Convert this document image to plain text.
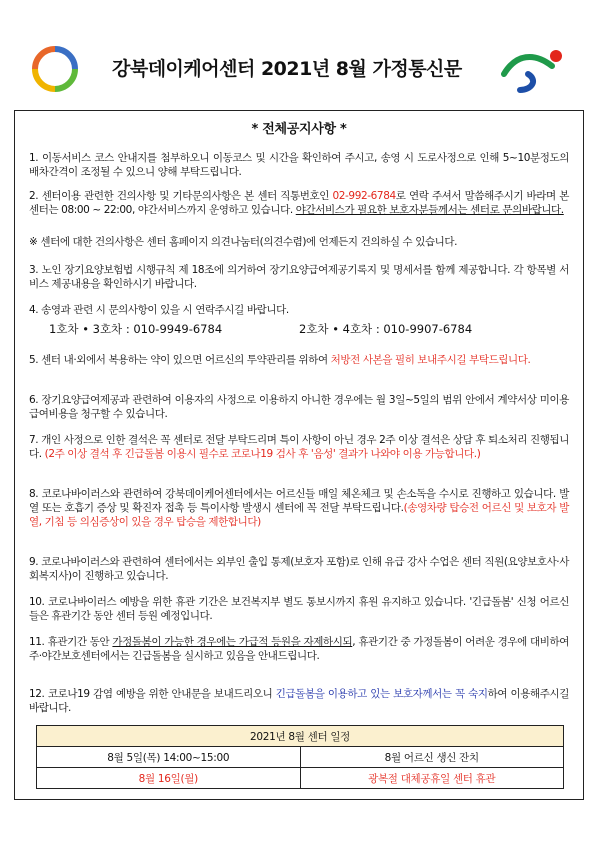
강북데이케어센터 2021년 8월 가정통신문
* 전체공지사항 *
1. 이동서비스 코스 안내지를 첨부하오니 이동코스 및 시간을 확인하여 주시고, 송영 시 도로사정으로 인해 5~10분정도의 배차간격이 조정될 수 있으니 양해 부탁드립니다.
2. 센터이용 관련한 건의사항 및 기타문의사항은 본 센터 직통번호인 02-992-6784로 연락 주셔서 말씀해주시기 바라며 본 센터는 08:00 ~ 22:00, 야간서비스까지 운영하고 있습니다. 야간서비스가 필요한 보호자분들께서는 센터로 문의바랍니다.
※ 센터에 대한 건의사항은 센터 홈페이지 의견나눔터(의견수렴)에 언제든지 건의하실 수 있습니다.
3. 노인 장기요양보험법 시행규칙 제 18조에 의거하여 장기요양급여제공기록지 및 명세서를 함께 제공합니다. 각 항목별 서비스 제공내용을 확인하시기 바랍니다.
4. 송영과 관련 시 문의사항이 있을 시 연락주시길 바랍니다.
1호차 • 3호차 : 010-9949-6784	2호차 • 4호차 : 010-9907-6784
5. 센터 내·외에서 복용하는 약이 있으면 어르신의 투약관리를 위하여 처방전 사본을 필히 보내주시길 부탁드립니다.
6. 장기요양급여제공과 관련하여 이용자의 사정으로 이용하지 아니한 경우에는 월 3일~5일의 범위 안에서 계약서상 미이용 급여비용을 청구할 수 있습니다.
7. 개인 사정으로 인한 결석은 꼭 센터로 전달 부탁드리며 특이 사항이 아닌 경우 2주 이상 결석은 상담 후 퇴소처리 진행됩니다. (2주 이상 결석 후 긴급돌봄 이용시 필수로 코로나19 검사 후 '음성' 결과가 나와야 이용 가능합니다.)
8. 코로나바이러스와 관련하여 강북데이케어센터에서는 어르신들 매일 체온체크 및 손소독을 수시로 진행하고 있습니다. 발열 또는 호흡기 증상 및 확진자 접촉 등 특이사항 발생시 센터에 꼭 전달 부탁드립니다.(송영차량 탑승전 어르신 및 보호자 발열, 기침 등 의심증상이 있을 경우 탑승을 제한합니다)
9. 코로나바이러스와 관련하여 센터에서는 외부인 출입 통제(보호자 포함)로 인해 유급 강사 수업은 센터 직원(요양보호사·사회복지사)이 진행하고 있습니다.
10. 코로나바이러스 예방을 위한 휴관 기간은 보건복지부 별도 통보시까지 휴원 유지하고 있습니다. '긴급돌봄' 신청 어르신들은 휴관기간 동안 센터 등원 예정입니다.
11. 휴관기간 동안 가정돌봄이 가능한 경우에는 가급적 등원을 자제하시되, 휴관기간 중 가정돌봄이 어려운 경우에 대비하여 주·야간보호센터에서는 긴급돌봄을 실시하고 있음을 안내드립니다.
12. 코로나19 감염 예방을 위한 안내문을 보내드리오니 긴급돌봄을 이용하고 있는 보호자께서는 꼭 숙지하여 이용해주시길 바랍니다.
2021년 8월 센터 일정	
8월 5일(목) 14:00~15:00	8월 어르신 생신 잔치
8월 16일(월)	광복절 대체공휴일 센터 휴관
